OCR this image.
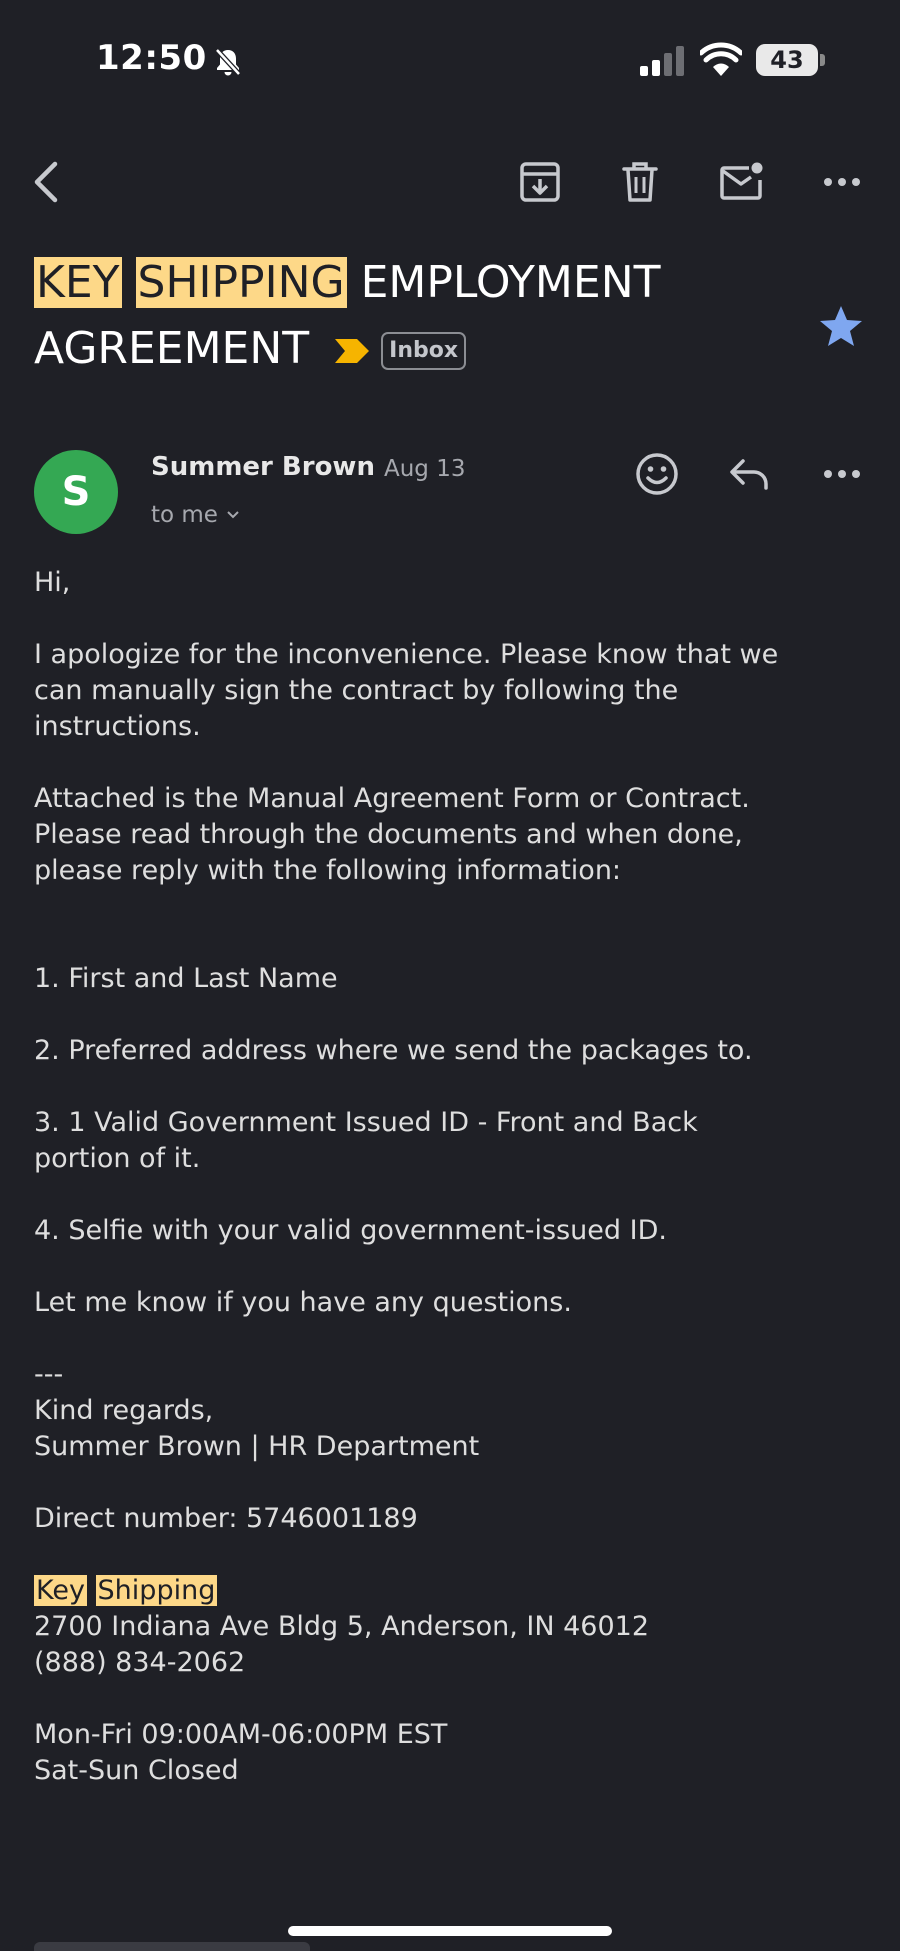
12:50	43
KEY SHIPPING EMPLOYMENT
AGREEMENT	Inbox
S
Summer Brown Aug 13
to me

Hi,

I apologize for the inconvenience. Please know that we

can manually sign the contract by following the

instructions.

Attached is the Manual Agreement Form or Contract.

Please read through the documents and when done,

please reply with the following information:

1. First and Last Name

2. Preferred address where we send the packages to.

3. 1 Valid Government Issued ID - Front and Back

portion of it.

4. Selfie with your valid government-issued ID.

Let me know if you have any questions.

---

Kind regards,

Summer Brown | HR Department

Direct number: 5746001189

Key Shipping

2700 Indiana Ave Bldg 5, Anderson, IN 46012

(888) 834-2062

Mon-Fri 09:00AM-06:00PM EST

Sat-Sun Closed
